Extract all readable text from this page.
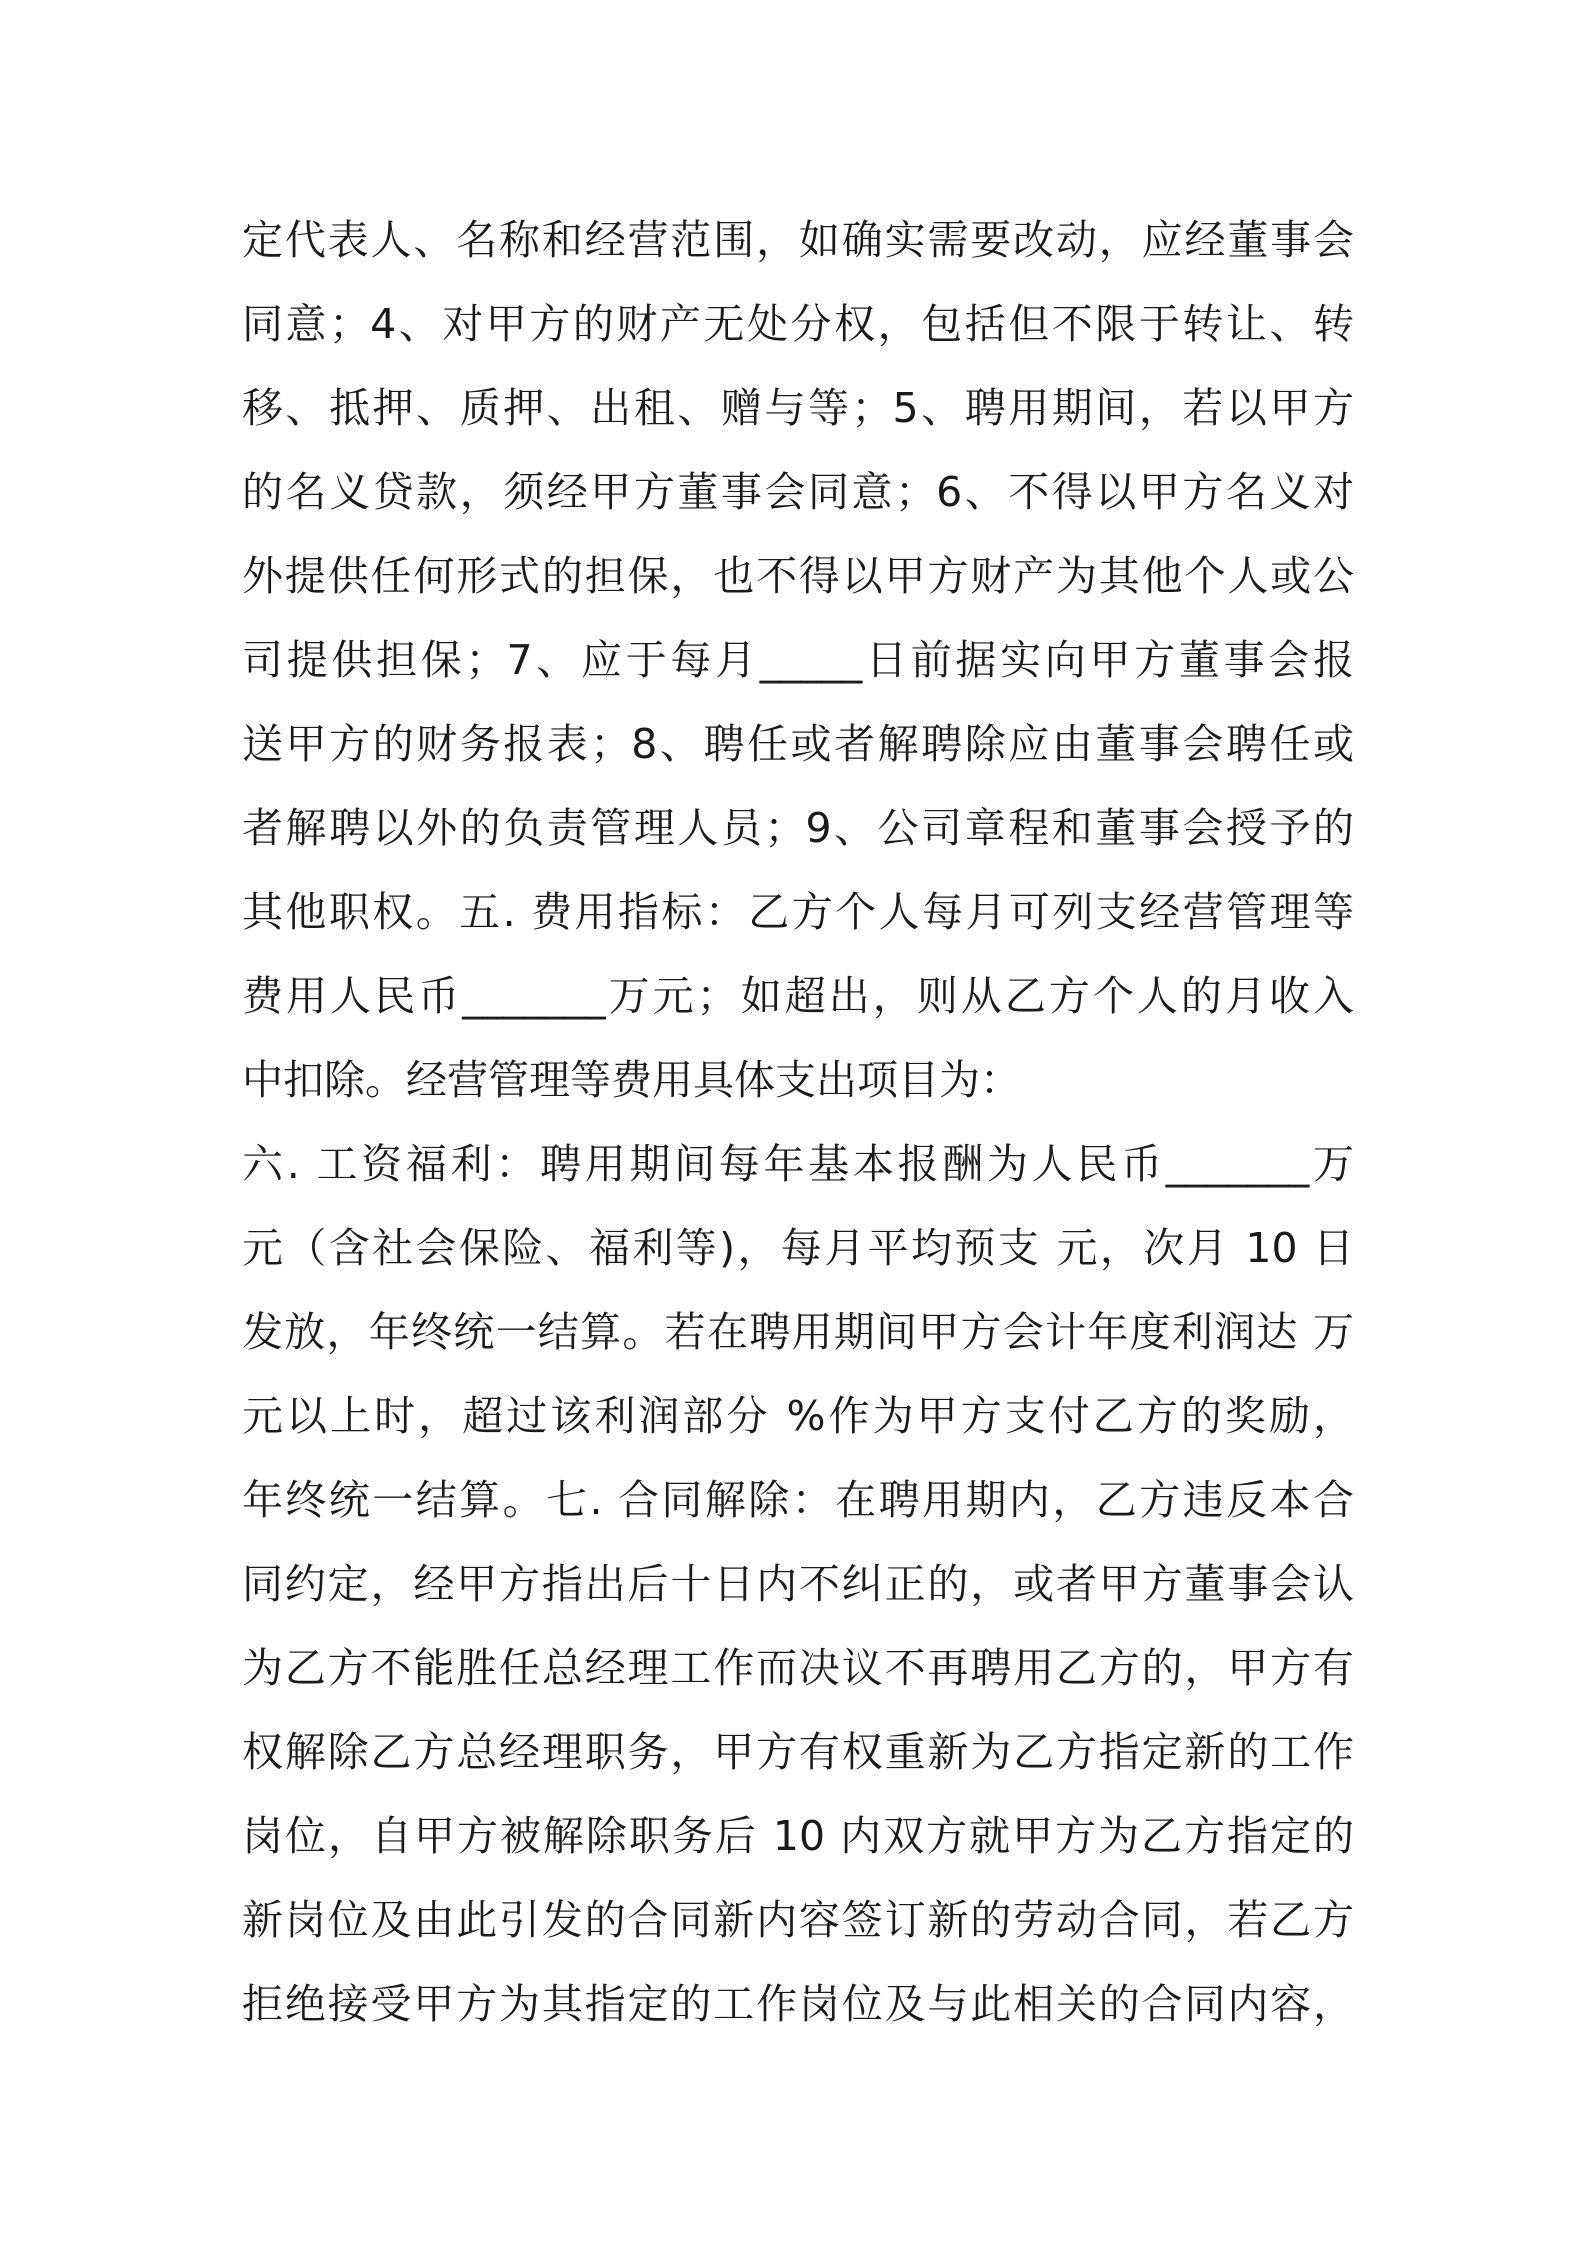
定代表人、名称和经营范围，如确实需要改动，应经董事会
同意；4、对甲方的财产无处分权，包括但不限于转让、转
移、抵押、质押、出租、赠与等；5、聘用期间，若以甲方
的名义贷款，须经甲方董事会同意；6、不得以甲方名义对
外提供任何形式的担保，也不得以甲方财产为其他个人或公
司提供担保；7、应于每月_____日前据实向甲方董事会报
送甲方的财务报表；8、聘任或者解聘除应由董事会聘任或
者解聘以外的负责管理人员；9、公司章程和董事会授予的
其他职权。五. 费用指标：乙方个人每月可列支经营管理等
费用人民币_______万元；如超出，则从乙方个人的月收入
中扣除。经营管理等费用具体支出项目为：
六. 工资福利：聘用期间每年基本报酬为人民币_______万
元（含社会保险、福利等)，每月平均预支 元，次月 10 日
发放，年终统一结算。若在聘用期间甲方会计年度利润达 万
元以上时，超过该利润部分 %作为甲方支付乙方的奖励，
年终统一结算。七. 合同解除：在聘用期内，乙方违反本合
同约定，经甲方指出后十日内不纠正的，或者甲方董事会认
为乙方不能胜任总经理工作而决议不再聘用乙方的，甲方有
权解除乙方总经理职务，甲方有权重新为乙方指定新的工作
岗位，自甲方被解除职务后 10 内双方就甲方为乙方指定的
新岗位及由此引发的合同新内容签订新的劳动合同，若乙方
拒绝接受甲方为其指定的工作岗位及与此相关的合同内容，
